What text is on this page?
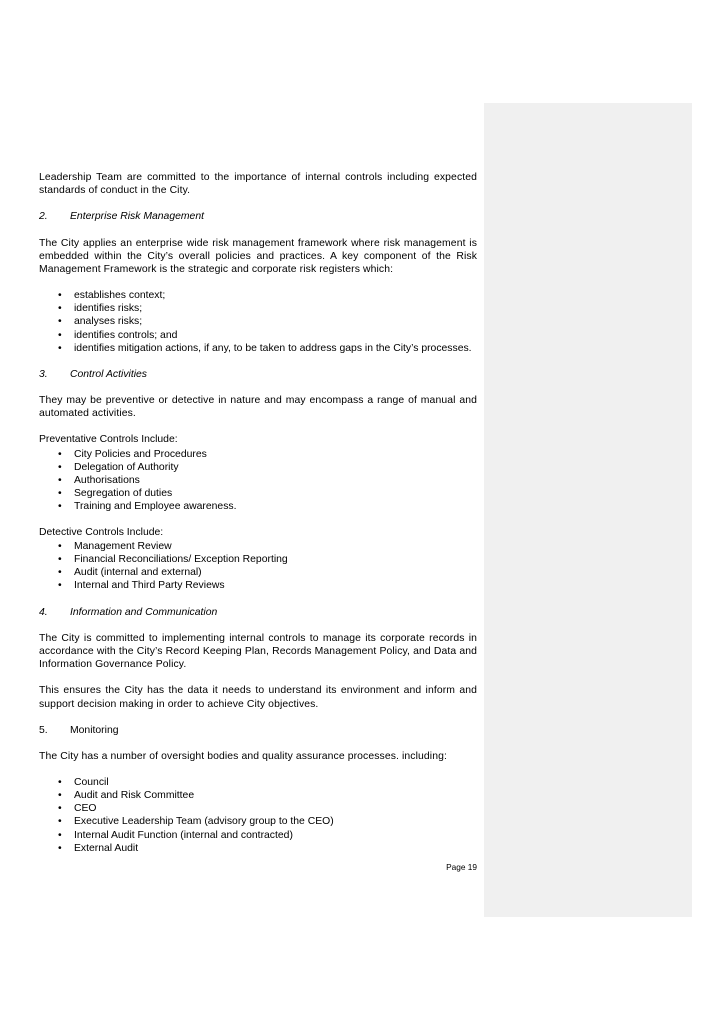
Leadership Team are committed to the importance of internal controls including expected standards of conduct in the City.

2.	Enterprise Risk Management

The City applies an enterprise wide risk management framework where risk management is embedded within the City’s overall policies and practices. A key component of the Risk Management Framework is the strategic and corporate risk registers which:

• establishes context;
• identifies risks;
• analyses risks;
• identifies controls; and
• identifies mitigation actions, if any, to be taken to address gaps in the City’s processes.
3.	Control Activities

They may be preventive or detective in nature and may encompass a range of manual and automated activities.

Preventative Controls Include:

• City Policies and Procedures
• Delegation of Authority
• Authorisations
• Segregation of duties
• Training and Employee awareness.

Detective Controls Include:

• Management Review
• Financial Reconciliations/ Exception Reporting
• Audit (internal and external)
• Internal and Third Party Reviews
4.	Information and Communication

The City is committed to implementing internal controls to manage its corporate records in accordance with the City’s Record Keeping Plan, Records Management Policy, and Data and Information Governance Policy.

This ensures the City has the data it needs to understand its environment and inform and support decision making in order to achieve City objectives.

5.	Monitoring

The City has a number of oversight bodies and quality assurance processes. including:

• Council
• Audit and Risk Committee
• CEO
• Executive Leadership Team (advisory group to the CEO)
• Internal Audit Function (internal and contracted)
• External Audit
Page 19
